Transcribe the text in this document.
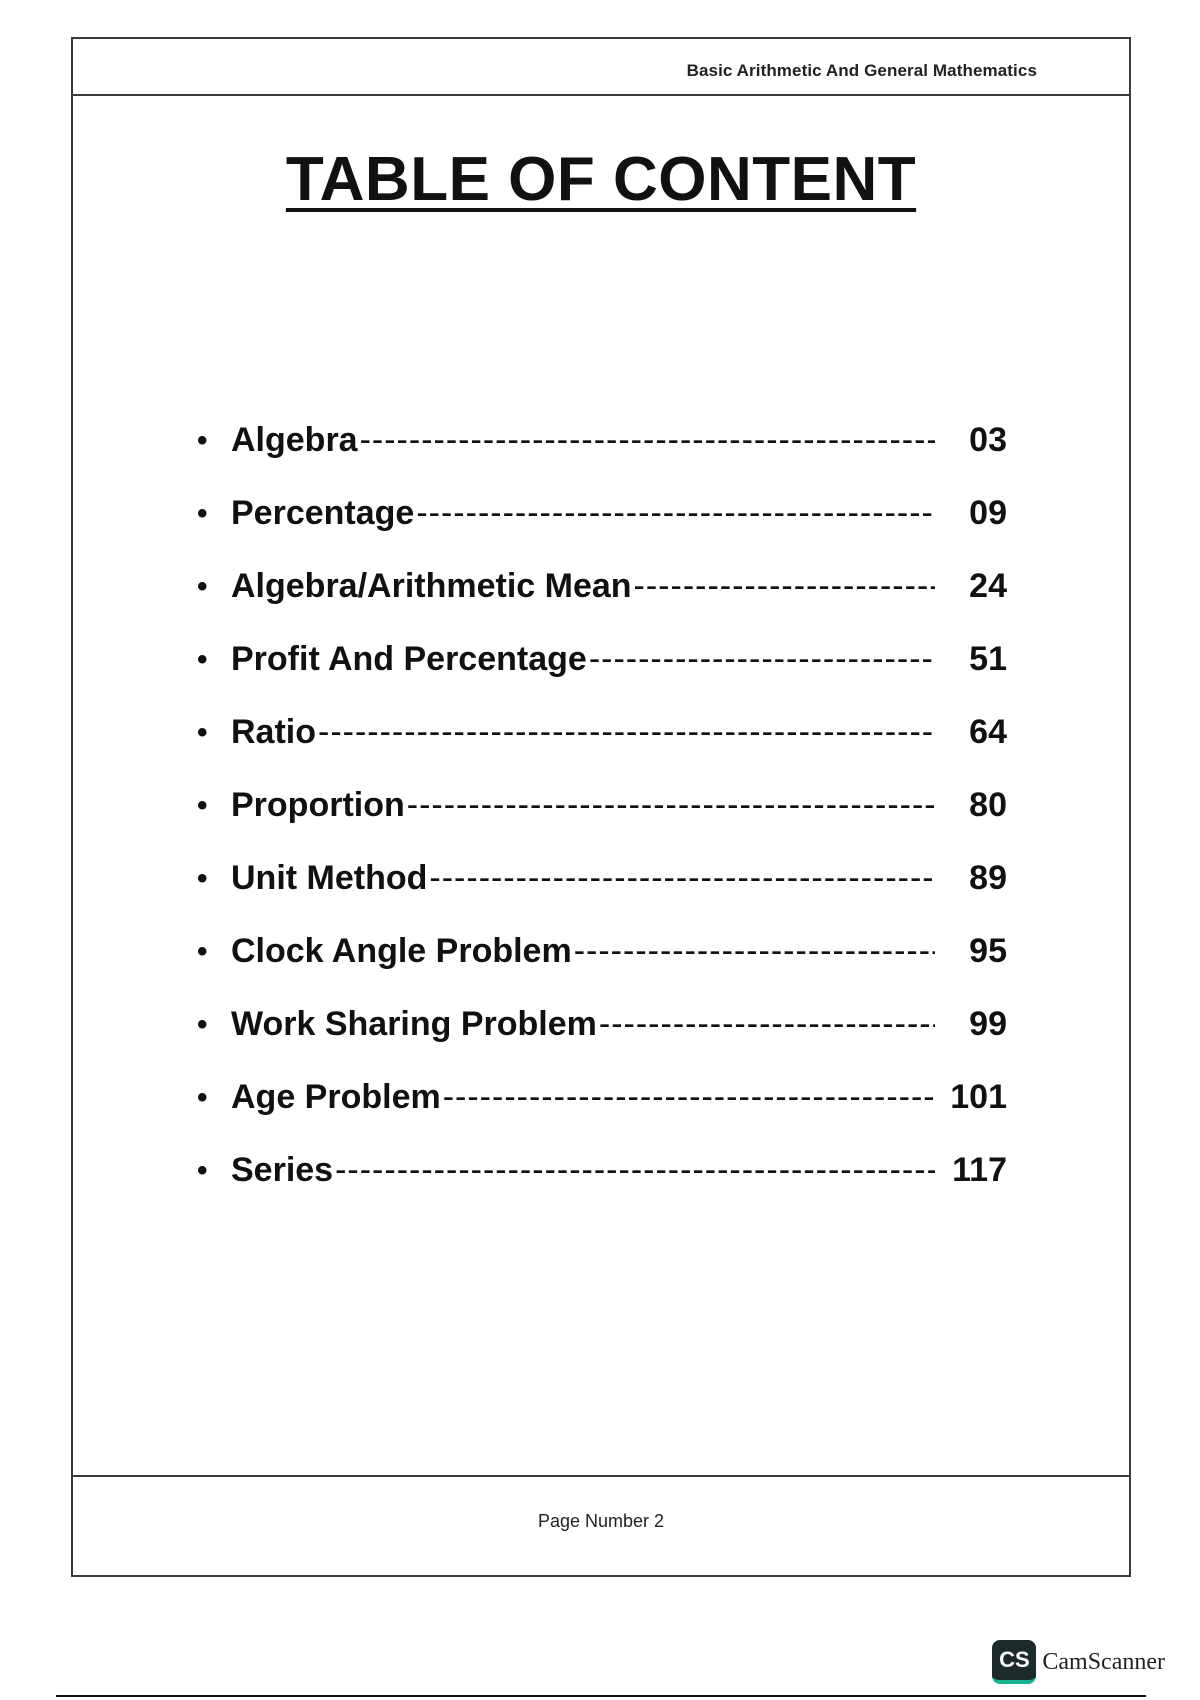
Basic Arithmetic And General Mathematics
TABLE OF CONTENT
• Algebra -----	03
• Percentage -----	09
• Algebra/Arithmetic Mean -----	24
• Profit And Percentage -----	51
• Ratio -----	64
• Proportion -----	80
• Unit Method -----	89
• Clock Angle Problem -----	95
• Work Sharing Problem -----	99
• Age Problem -----	101
• Series -----	117
Page Number 2
CS CamScanner
